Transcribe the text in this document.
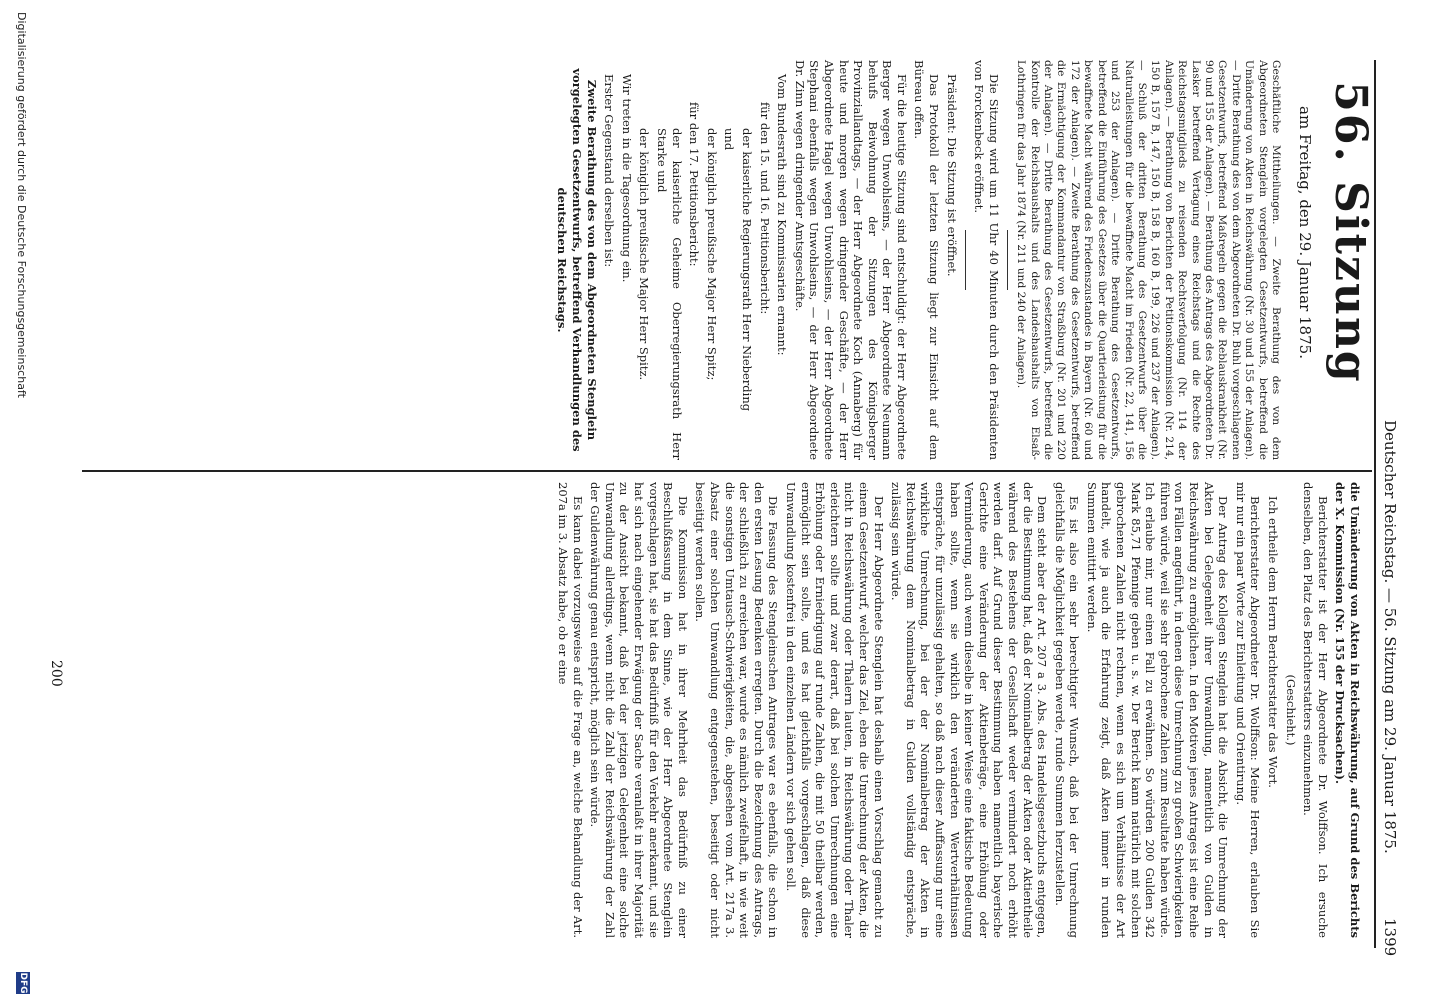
Deutscher Reichstag. — 56. Sitzung am 29. Januar 1875.
1399
56. Sitzung
am Freitag, den 29. Januar 1875.

Geschäftliche Mittheilungen. — Zweite Berathung des von dem Abgeordneten Stenglein vorgelegten Gesetzentwurfs, betreffend die Umänderung von Akten in Reichswährung (Nr. 30 und 155 der Anlagen). — Dritte Berathung des von dem Abgeordneten Dr. Buhl vorgeschlagenen Gesetzentwurfs, betreffend Maßregeln gegen die Reblauskrankheit (Nr. 90 und 155 der Anlagen). — Berathung des Antrags des Abgeordneten Dr. Lasker betreffend Vertagung eines Reichstags und die Rechte des Reichstagsmitglieds zu reisenden Rechtsverfolgung (Nr. 114 der Anlagen). — Berathung von Berichten der Petitionskommission (Nr. 214, 150 B, 157 B, 147, 150 B, 158 B, 160 B, 199, 226 und 237 der Anlagen). — Schluß der dritten Berathung des Gesetzentwurfs über die Naturalleistungen für die bewaffnete Macht im Frieden (Nr. 22, 141, 156 und 253 der Anlagen). — Dritte Berathung des Gesetzentwurfs, betreffend die Einführung des Gesetzes über die Quartierleistung für die bewaffnete Macht während des Friedenszustandes in Bayern (Nr. 60 und 172 der Anlagen). — Zweite Berathung des Gesetzentwurfs, betreffend die Ermächtigung der Kommandantur von Straßburg (Nr. 201 und 220 der Anlagen). — Dritte Berathung des Gesetzentwurfs, betreffend die Kontrolle der Reichshaushalts und des Landeshaushalts von Elsaß-Lothringen für das Jahr 1874 (Nr. 211 und 240 der Anlagen).

Die Sitzung wird um 11 Uhr 40 Minuten durch den Präsidenten von Forckenbeck eröffnet.

Präsident: Die Sitzung ist eröffnet.

Das Protokoll der letzten Sitzung liegt zur Einsicht auf dem Büreau offen.

Für die heutige Sitzung sind entschuldigt: der Herr Abgeordnete Berger wegen Unwohlseins, — der Herr Abgeordnete Neumann behufs Beiwohnung der Sitzungen des Königsberger Provinziallandtags, — der Herr Abgeordnete Koch (Annaberg) für heute und morgen wegen dringender Geschäfte, — der Herr Abgeordnete Hagel wegen Unwohlseins, — der Herr Abgeordnete Stephani ebenfalls wegen Unwohlseins, — der Herr Abgeordnete Dr. Zinn wegen dringender Amtsgeschäfte.

Vom Bundesrath sind zu Kommissarien ernannt:

für den 15. und 16. Petitionsbericht:

der kaiserliche Regierungsrath Herr Nieberding

und

der königlich preußische Major Herr Spitz;

für den 17. Petitionsbericht:

der kaiserliche Geheime Oberregierungsrath Herr Starke und

der königlich preußische Major Herr Spitz.

Wir treten in die Tagesordnung ein.

Erster Gegenstand derselben ist:

Zweite Berathung des von dem Abgeordneten Stenglein vorgelegten Gesetzentwurfs, betreffend Verhandlungen des deutschen Reichstags.

die Umänderung von Akten in Reichswährung, auf Grund des Berichts der X. Kommission (Nr. 155 der Drucksachen).

Berichterstatter ist der Herr Abgeordnete Dr. Wolffson. Ich ersuche denselben, den Platz des Berichterstatters einzunehmen.

(Geschieht.)

Ich ertheile dem Herrn Berichterstatter das Wort.

Berichterstatter Abgeordneter Dr. Wolffson: Meine Herren, erlauben Sie mir nur ein paar Worte zur Einleitung und Orientirung.

Der Antrag des Kollegen Stenglein hat die Absicht, die Umrechnung der Akten bei Gelegenheit ihrer Umwandlung, namentlich von Gulden in Reichswährung zu ermöglichen. In den Motiven jenes Antrages ist eine Reihe von Fällen angeführt, in denen diese Umrechnung zu großen Schwierigkeiten führen würde, weil sie sehr gebrochene Zahlen zum Resultate haben würde. Ich erlaube mir, nur einen Fall zu erwähnen. So würden 200 Gulden 342 Mark 85,71 Pfennige geben u. s. w. Der Bericht kann natürlich mit solchen gebrochenen Zahlen nicht rechnen, wenn es sich um Verhältnisse der Art handelt, wie ja auch die Erfahrung zeigt, daß Akten immer in runden Summen emittirt werden.

Es ist also ein sehr berechtigter Wunsch, daß bei der Umrechnung gleichfalls die Möglichkeit gegeben werde, runde Summen herzustellen.

Dem steht aber der Art. 207 a 3. Abs. des Handelsgesetzbuchs entgegen, der die Bestimmung hat, daß der Nominalbetrag der Akten oder Aktientheile während des Bestehens der Gesellschaft weder vermindert noch erhöht werden darf. Auf Grund dieser Bestimmung haben namentlich bayerische Gerichte eine Veränderung der Aktienbeträge, eine Erhöhung oder Verminderung, auch wenn dieselbe in keiner Weise eine faktische Bedeutung haben sollte, wenn sie wirklich den veränderten Wertverhältnissen entspräche, für unzulässig gehalten, so daß nach dieser Auffassung nur eine wirkliche Umrechnung, bei der der Nominalbetrag der Akten in Reichswährung dem Nominalbetrag in Gulden vollständig entspräche, zulässig sein würde.

Der Herr Abgeordnete Stenglein hat deshalb einen Vorschlag gemacht zu einem Gesetzentwurf, welcher das Ziel, eben die Umrechnung der Akten, die nicht in Reichswährung oder Thalern lauten, in Reichswährung oder Thaler erleichtern sollte und zwar derart, daß bei solchen Umrechnungen eine Erhöhung oder Erniedrigung auf runde Zahlen, die mit 50 theilbar werden, ermöglicht sein sollte, und es hat gleichfalls vorgeschlagen, daß diese Umwandlung kostenfrei in den einzelnen Ländern vor sich gehen soll.

Die Fassung des Stengleinschen Antrages war es ebenfalls, die schon in den ersten Lesung Bedenken erregten. Durch die Bezeichnung des Antrags, der schließlich zu erreichen war, wurde es nämlich zweifelhaft, in wie weit die sonstigen Umtausch-Schwierigkeiten, die, abgesehen vom Art. 217a 3. Absatz einer solchen Umwandlung entgegenstehen, beseitigt oder nicht beseitigt werden sollen.

Die Kommission hat in ihrer Mehrheit das Bedürfniß zu einer Beschlußfassung in dem Sinne, wie der Herr Abgeordnete Stenglein vorgeschlagen hat, sie hat das Bedürfniß für den Verkehr anerkannt, und sie hat sich nach eingehender Erwägung der Sache veranlaßt in ihrer Majorität zu der Ansicht bekannt, daß bei der jetzigen Gelegenheit eine solche Umwandlung allerdings, wenn nicht die Zahl der Reichswährung der Zahl der Guldenwährung genau entspricht, möglich sein würde.

Es kann dabei vorzugsweise auf die Frage an, welche Behandlung der Art. 207a im 3. Absatz habe, ob er eine

200
Digitalisierung gefördert durch die Deutsche Forschungsgemeinschaft
DFG
